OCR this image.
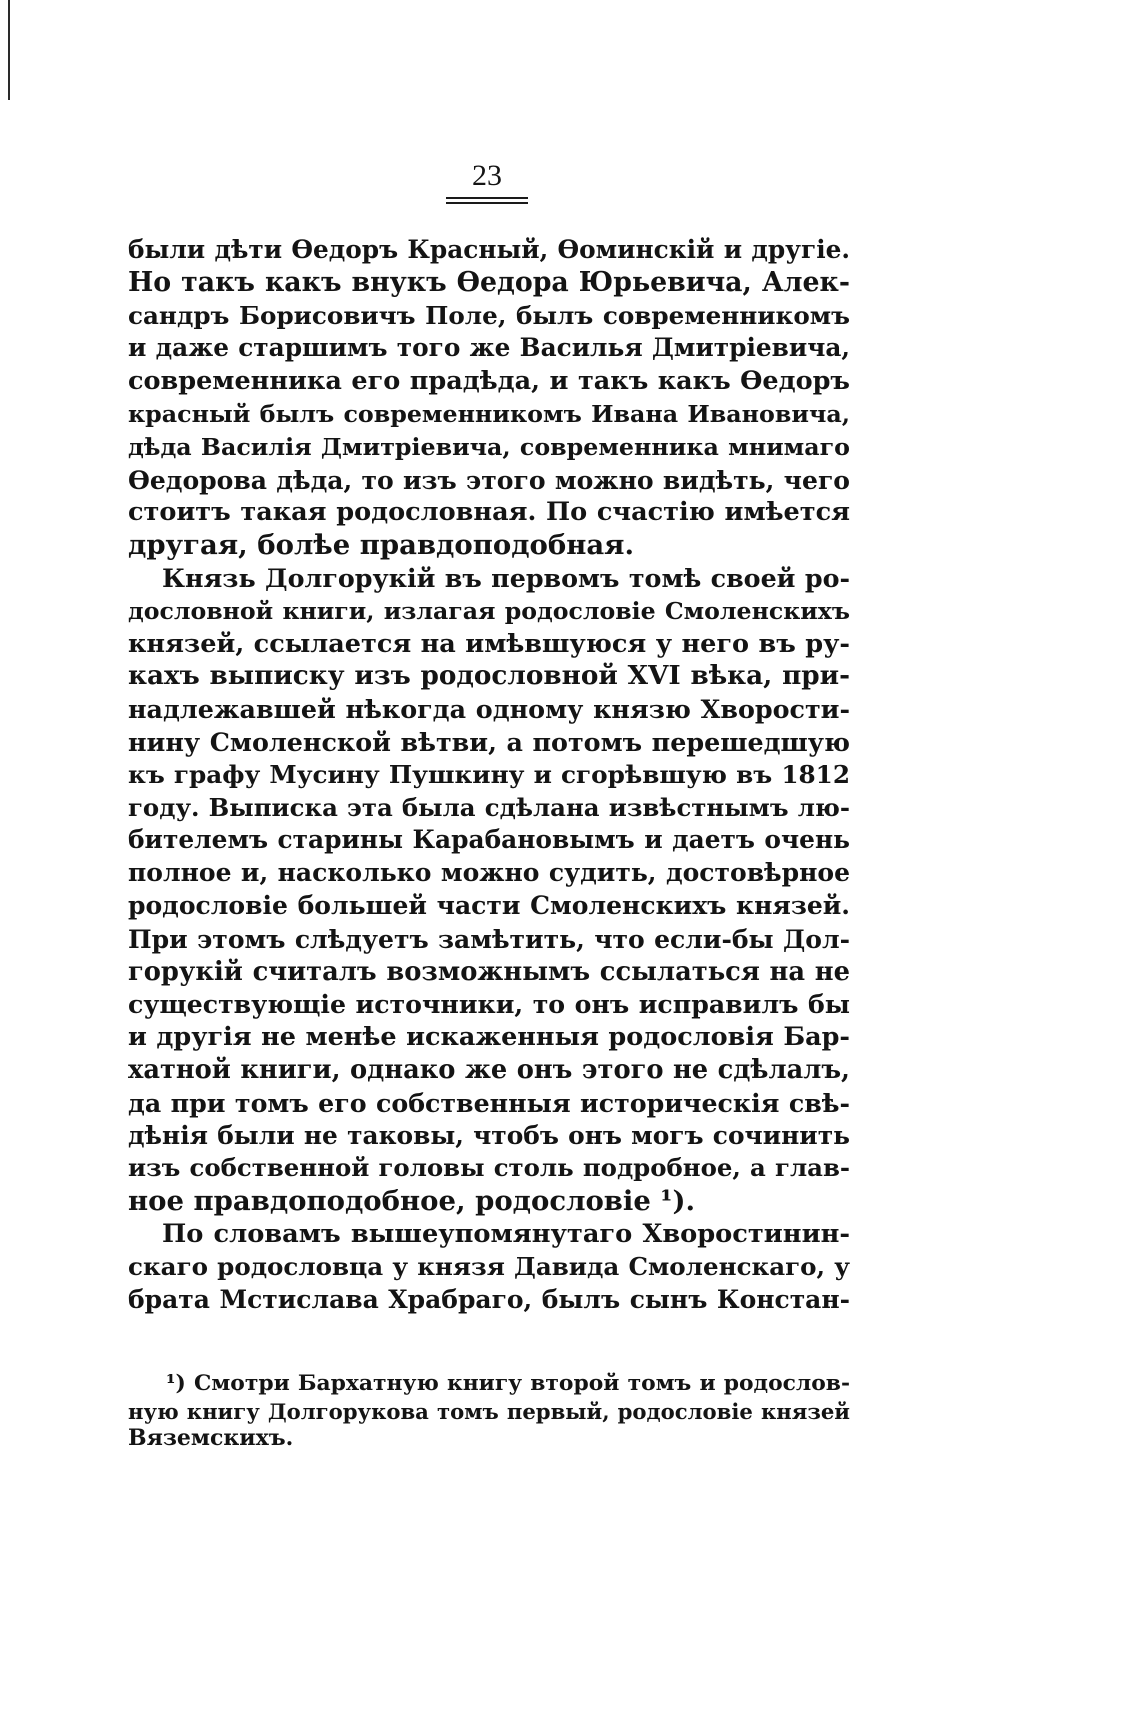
23
были дѣти Ѳедоръ Красный, Ѳоминскій и другіе.
Но такъ какъ внукъ Ѳедора Юрьевича, Алек-
сандръ Борисовичъ Поле, былъ современникомъ
и даже старшимъ того же Василья Дмитріевича,
современника его прадѣда, и такъ какъ Ѳедоръ
красный былъ современникомъ Ивана Ивановича,
дѣда Василія Дмитріевича, современника мнимаго
Ѳедорова дѣда, то изъ этого можно видѣть, чего
стоитъ такая родословная. По счастію имѣется
другая, болѣе правдоподобная.
Князь Долгорукій въ первомъ томѣ своей ро-
дословной книги, излагая родословіе Смоленскихъ
князей, ссылается на имѣвшуюся у него въ ру-
кахъ выписку изъ родословной XVI вѣка, при-
надлежавшей нѣкогда одному князю Хворости-
нину Смоленской вѣтви, а потомъ перешедшую
къ графу Мусину Пушкину и сгорѣвшую въ 1812
году. Выписка эта была сдѣлана извѣстнымъ лю-
бителемъ старины Карабановымъ и даетъ очень
полное и, насколько можно судить, достовѣрное
родословіе большей части Смоленскихъ князей.
При этомъ слѣдуетъ замѣтить, что если-бы Дол-
горукій считалъ возможнымъ ссылаться на не
существующіе источники, то онъ исправилъ бы
и другія не менѣе искаженныя родословія Бар-
хатной книги, однако же онъ этого не сдѣлалъ,
да при томъ его собственныя историческія свѣ-
дѣнія были не таковы, чтобъ онъ могъ сочинить
изъ собственной головы столь подробное, а глав-
ное правдоподобное, родословіе ¹).
По словамъ вышеупомянутаго Хворостинин-
скаго родословца у князя Давида Смоленскаго, у
брата Мстислава Храбраго, былъ сынъ Констан-
¹) Смотри Бархатную книгу второй томъ и родослов-
ную книгу Долгорукова томъ первый, родословіе князей
Вяземскихъ.
